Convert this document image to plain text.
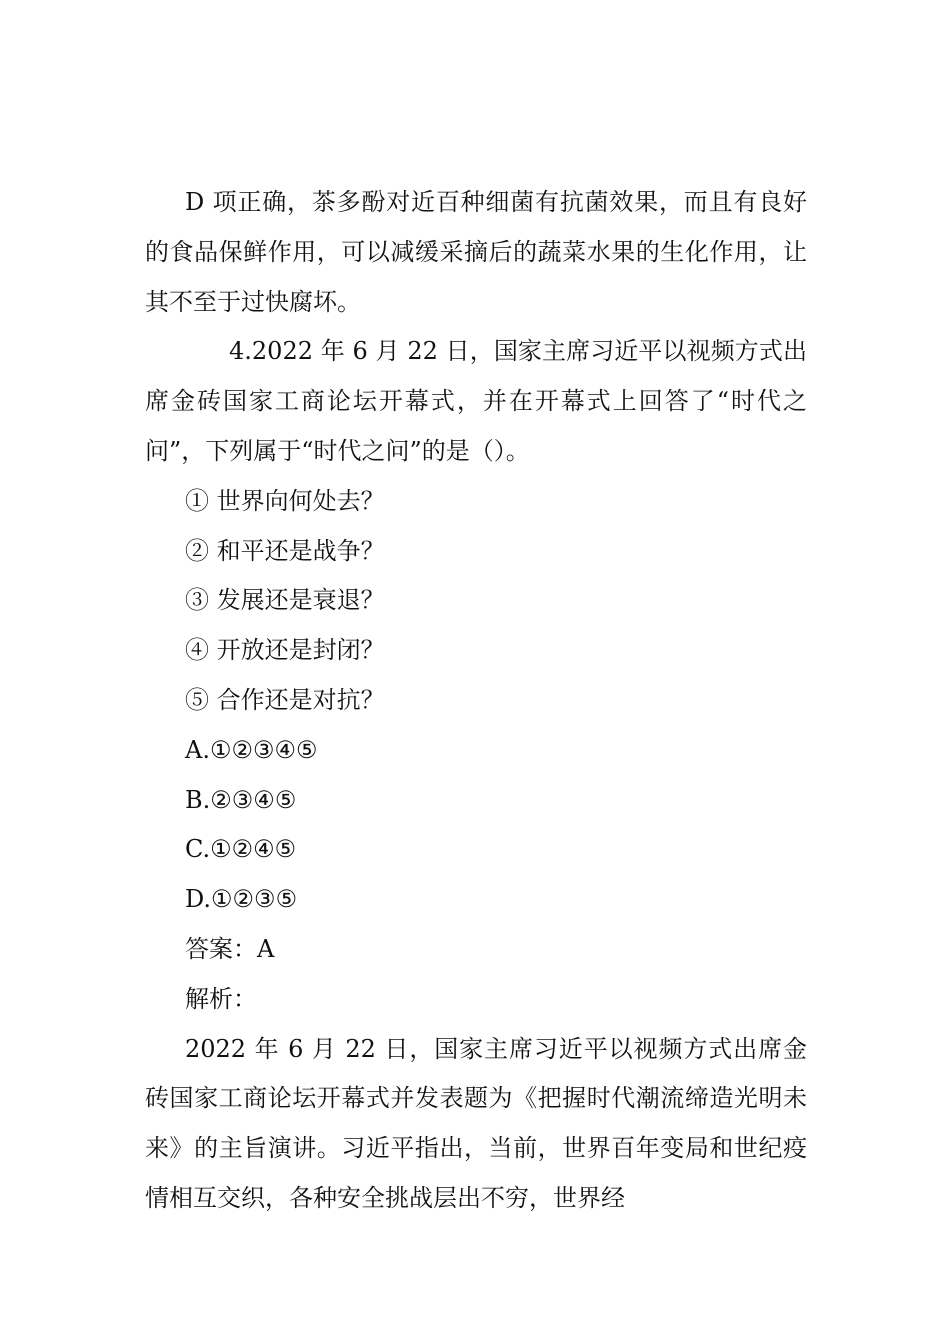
D 项正确，茶多酚对近百种细菌有抗菌效果，而且有良好的食品保鲜作用，可以减缓采摘后的蔬菜水果的生化作用，让其不至于过快腐坏。

4.2022 年 6 月 22 日，国家主席习近平以视频方式出席金砖国家工商论坛开幕式，并在开幕式上回答了“时代之问”，下列属于“时代之问”的是（）。

① 世界向何处去？

② 和平还是战争？

③ 发展还是衰退？

④ 开放还是封闭？

⑤ 合作还是对抗？

A.①②③④⑤

B.②③④⑤

C.①②④⑤

D.①②③⑤

答案：A

解析：

2022 年 6 月 22 日，国家主席习近平以视频方式出席金砖国家工商论坛开幕式并发表题为《把握时代潮流缔造光明未来》的主旨演讲。习近平指出，当前，世界百年变局和世纪疫情相互交织，各种安全挑战层出不穷，世界经
